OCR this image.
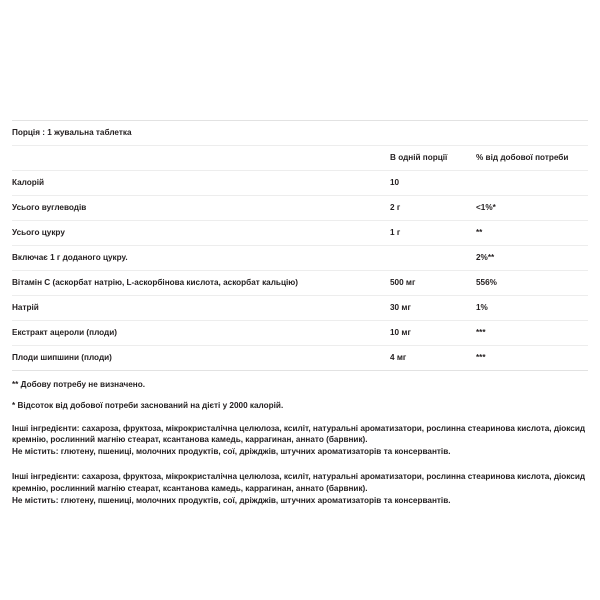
Порція : 1 жувальна таблетка		
	В одній порції	% від добової потреби
Калорій	10	
Усього вуглеводів	2 г	<1%*
Усього цукру	1 г	**
Включає 1 г доданого цукру.		2%**
Вітамін C (аскорбат натрію, L-аскорбінова кислота, аскорбат кальцію)	500 мг	556%
Натрій	30 мг	1%
Екстракт ацероли (плоди)	10 мг	***
Плоди шипшини (плоди)	4 мг	***
** Добову потребу не визначено.
* Відсоток від добової потреби заснований на дієті у 2000 калорій.
Інші інгредієнти: сахароза, фруктоза, мікрокристалічна целюлоза, ксиліт, натуральні ароматизатори, рослинна стеаринова кислота, діоксид кремнію, рослинний магнію стеарат, ксантанова камедь, каррагинан, аннато (барвник).
Не містить: глютену, пшениці, молочних продуктів, сої, дріжджів, штучних ароматизаторів та консервантів.
Інші інгредієнти: сахароза, фруктоза, мікрокристалічна целюлоза, ксиліт, натуральні ароматизатори, рослинна стеаринова кислота, діоксид кремнію, рослинний магнію стеарат, ксантанова камедь, каррагинан, аннато (барвник).
Не містить: глютену, пшениці, молочних продуктів, сої, дріжджів, штучних ароматизаторів та консервантів.
